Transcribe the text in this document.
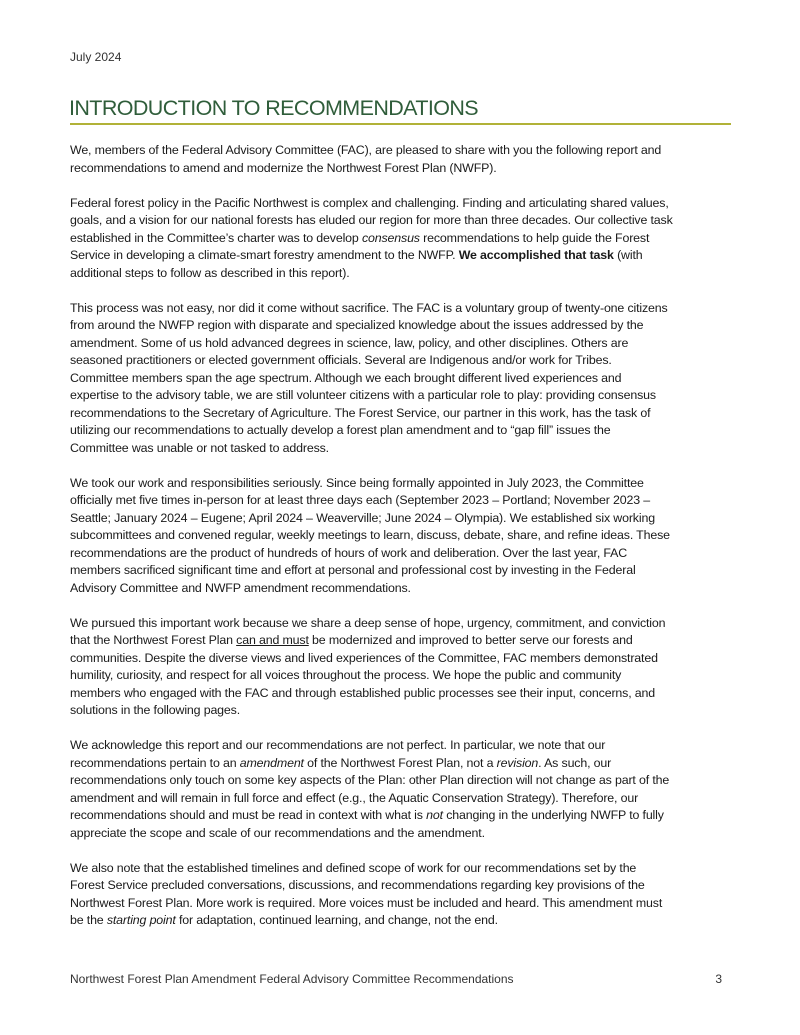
July 2024
INTRODUCTION TO RECOMMENDATIONS

We, members of the Federal Advisory Committee (FAC), are pleased to share with you the following report and
recommendations to amend and modernize the Northwest Forest Plan (NWFP).

Federal forest policy in the Pacific Northwest is complex and challenging. Finding and articulating shared values,
goals, and a vision for our national forests has eluded our region for more than three decades. Our collective task
established in the Committee’s charter was to develop consensus recommendations to help guide the Forest
Service in developing a climate-smart forestry amendment to the NWFP. We accomplished that task (with
additional steps to follow as described in this report).

This process was not easy, nor did it come without sacrifice. The FAC is a voluntary group of twenty-one citizens
from around the NWFP region with disparate and specialized knowledge about the issues addressed by the
amendment. Some of us hold advanced degrees in science, law, policy, and other disciplines. Others are
seasoned practitioners or elected government officials. Several are Indigenous and/or work for Tribes.
Committee members span the age spectrum. Although we each brought different lived experiences and
expertise to the advisory table, we are still volunteer citizens with a particular role to play: providing consensus
recommendations to the Secretary of Agriculture. The Forest Service, our partner in this work, has the task of
utilizing our recommendations to actually develop a forest plan amendment and to “gap fill” issues the
Committee was unable or not tasked to address.

We took our work and responsibilities seriously. Since being formally appointed in July 2023, the Committee
officially met five times in-person for at least three days each (September 2023 – Portland; November 2023 –
Seattle; January 2024 – Eugene; April 2024 – Weaverville; June 2024 – Olympia). We established six working
subcommittees and convened regular, weekly meetings to learn, discuss, debate, share, and refine ideas. These
recommendations are the product of hundreds of hours of work and deliberation. Over the last year, FAC
members sacrificed significant time and effort at personal and professional cost by investing in the Federal
Advisory Committee and NWFP amendment recommendations.

We pursued this important work because we share a deep sense of hope, urgency, commitment, and conviction
that the Northwest Forest Plan can and must be modernized and improved to better serve our forests and
communities. Despite the diverse views and lived experiences of the Committee, FAC members demonstrated
humility, curiosity, and respect for all voices throughout the process. We hope the public and community
members who engaged with the FAC and through established public processes see their input, concerns, and
solutions in the following pages.

We acknowledge this report and our recommendations are not perfect. In particular, we note that our
recommendations pertain to an amendment of the Northwest Forest Plan, not a revision. As such, our
recommendations only touch on some key aspects of the Plan: other Plan direction will not change as part of the
amendment and will remain in full force and effect (e.g., the Aquatic Conservation Strategy). Therefore, our
recommendations should and must be read in context with what is not changing in the underlying NWFP to fully
appreciate the scope and scale of our recommendations and the amendment.

We also note that the established timelines and defined scope of work for our recommendations set by the
Forest Service precluded conversations, discussions, and recommendations regarding key provisions of the
Northwest Forest Plan. More work is required. More voices must be included and heard. This amendment must
be the starting point for adaptation, continued learning, and change, not the end.

Northwest Forest Plan Amendment Federal Advisory Committee Recommendations	3
